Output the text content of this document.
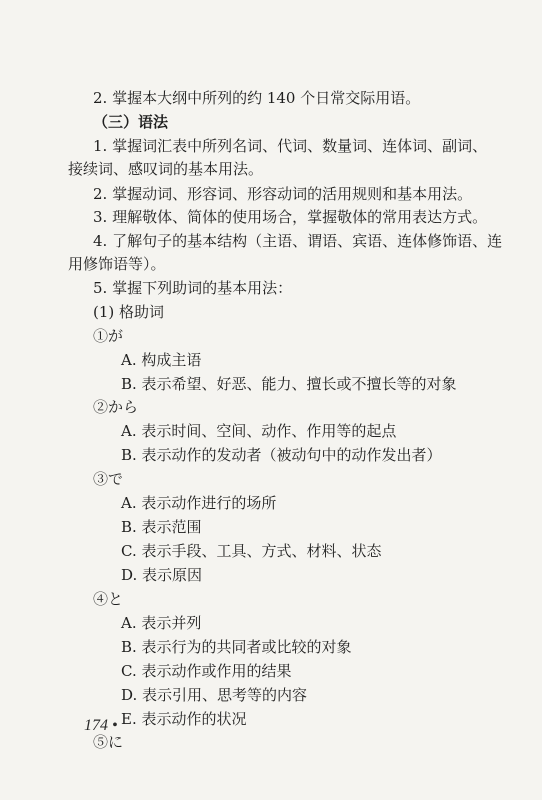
2. 掌握本大纲中所列的约 140 个日常交际用语。
（三）语法
1. 掌握词汇表中所列名词、代词、数量词、连体词、副词、
接续词、感叹词的基本用法。
2. 掌握动词、形容词、形容动词的活用规则和基本用法。
3. 理解敬体、简体的使用场合，掌握敬体的常用表达方式。
4. 了解句子的基本结构（主语、谓语、宾语、连体修饰语、连
用修饰语等）。
5. 掌握下列助词的基本用法：
(1) 格助词
①が
A. 构成主语
B. 表示希望、好恶、能力、擅长或不擅长等的对象
②から
A. 表示时间、空间、动作、作用等的起点
B. 表示动作的发动者（被动句中的动作发出者）
③で
A. 表示动作进行的场所
B. 表示范围
C. 表示手段、工具、方式、材料、状态
D. 表示原因
④と
A. 表示并列
B. 表示行为的共同者或比较的对象
C. 表示动作或作用的结果
D. 表示引用、思考等的内容
E. 表示动作的状况
⑤に
174 •
